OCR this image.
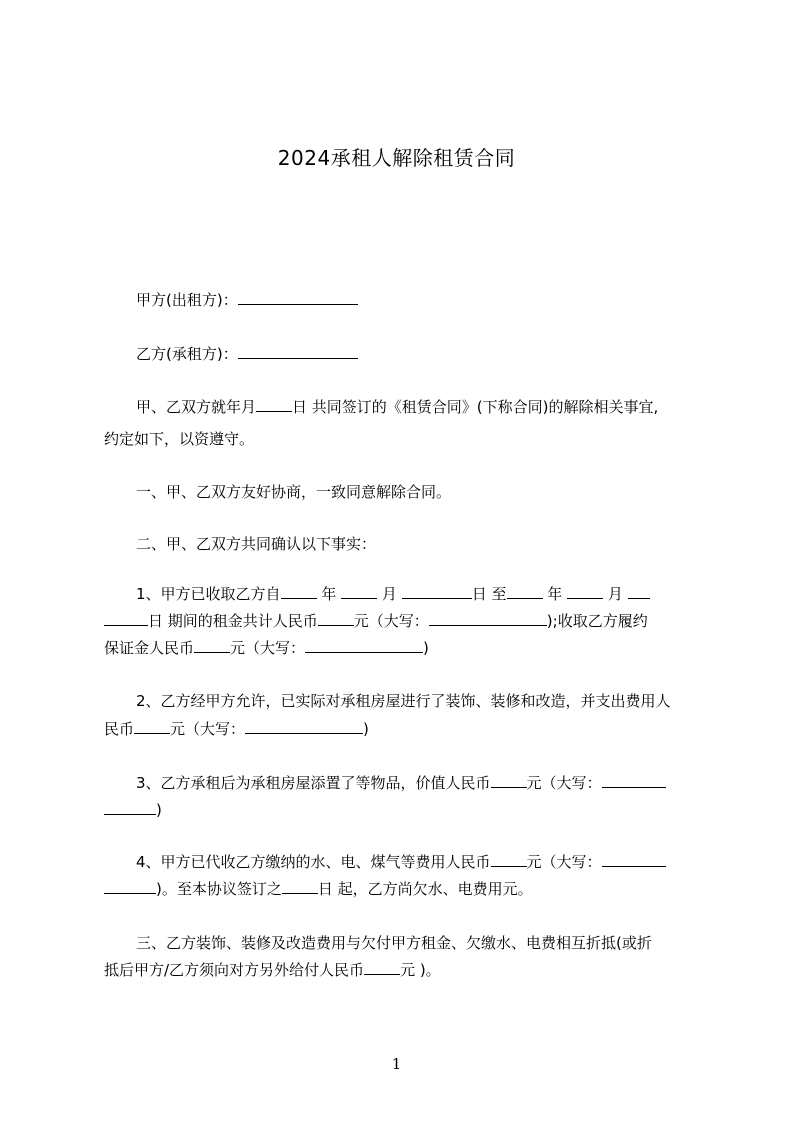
2024承租人解除租赁合同
甲方(出租方)：
乙方(承租方)：
甲、乙双方就年月 日 共同签订的《租赁合同》(下称合同)的解除相关事宜,
约定如下，以资遵守。
一、甲、乙双方友好协商，一致同意解除合同。
二、甲、乙双方共同确认以下事实：
1、甲方已收取乙方自	年	月	日 至	年	月
日 期间的租金共计人民币 元（大写：	);收取乙方履约
保证金人民币 元（大写：	)
2、乙方经甲方允许，已实际对承租房屋进行了装饰、装修和改造，并支出费用人
民币 元（大写：	)
3、乙方承租后为承租房屋添置了等物品，价值人民币 元（大写：
)
4、甲方已代收乙方缴纳的水、电、煤气等费用人民币 元（大写：
)。至本协议签订之 日 起，乙方尚欠水、电费用元。
三、乙方装饰、装修及改造费用与欠付甲方租金、欠缴水、电费相互折抵(或折
抵后甲方/乙方须向对方另外给付人民币 元 )。
1
